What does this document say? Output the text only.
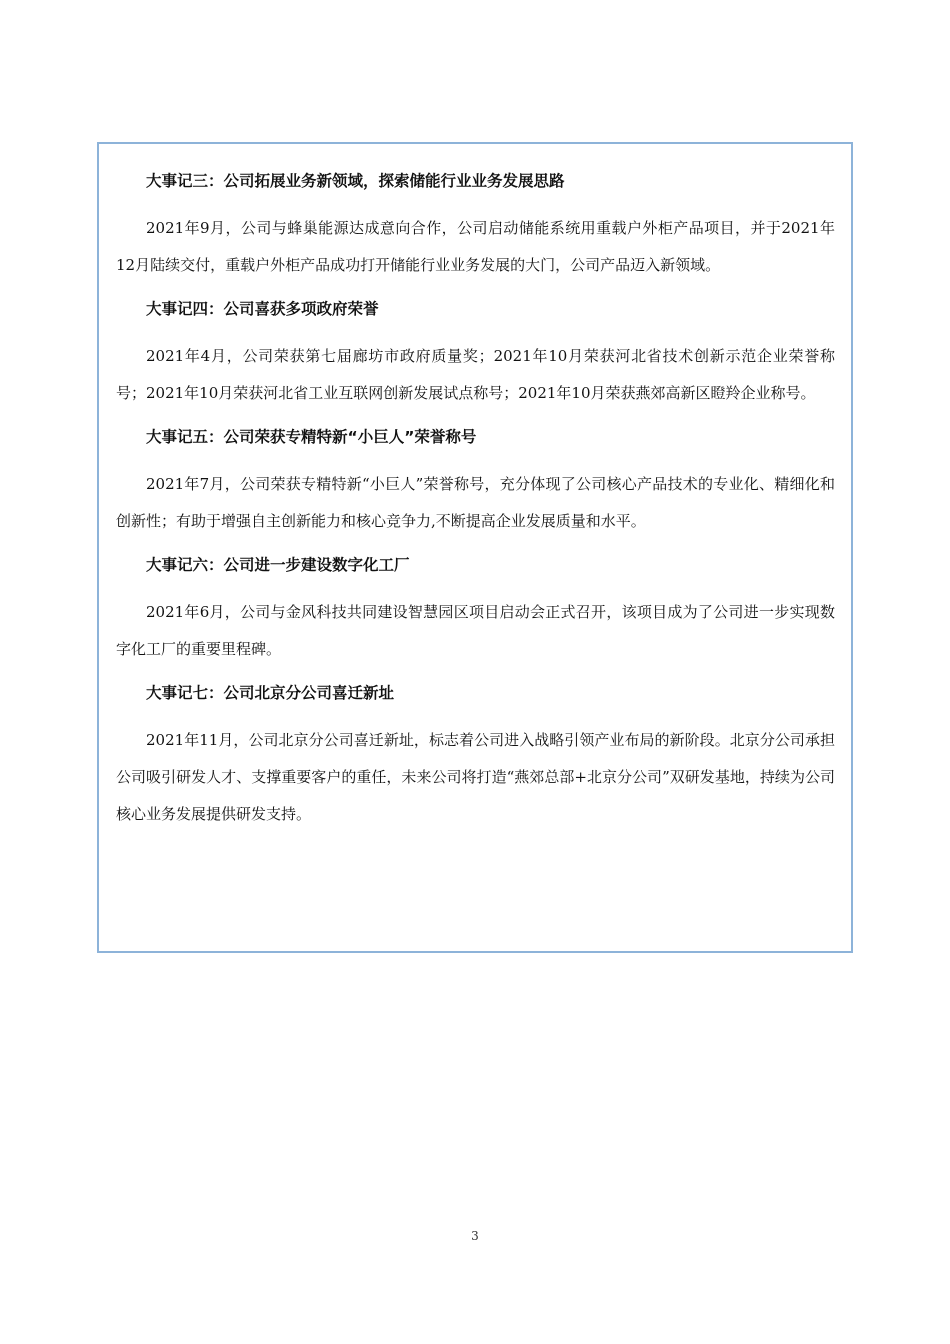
大事记三：公司拓展业务新领域，探索储能行业业务发展思路

2021年9月，公司与蜂巢能源达成意向合作，公司启动储能系统用重载户外柜产品项目，并于2021年12月陆续交付，重载户外柜产品成功打开储能行业业务发展的大门，公司产品迈入新领域。

大事记四：公司喜获多项政府荣誉

2021年4月，公司荣获第七届廊坊市政府质量奖；2021年10月荣获河北省技术创新示范企业荣誉称号；2021年10月荣获河北省工业互联网创新发展试点称号；2021年10月荣获燕郊高新区瞪羚企业称号。

大事记五：公司荣获专精特新“小巨人”荣誉称号

2021年7月，公司荣获专精特新“小巨人”荣誉称号，充分体现了公司核心产品技术的专业化、精细化和创新性；有助于增强自主创新能力和核心竞争力,不断提高企业发展质量和水平。

大事记六：公司进一步建设数字化工厂

2021年6月，公司与金风科技共同建设智慧园区项目启动会正式召开，该项目成为了公司进一步实现数字化工厂的重要里程碑。

大事记七：公司北京分公司喜迁新址

2021年11月，公司北京分公司喜迁新址，标志着公司进入战略引领产业布局的新阶段。北京分公司承担公司吸引研发人才、支撑重要客户的重任，未来公司将打造“燕郊总部+北京分公司”双研发基地，持续为公司核心业务发展提供研发支持。

3
